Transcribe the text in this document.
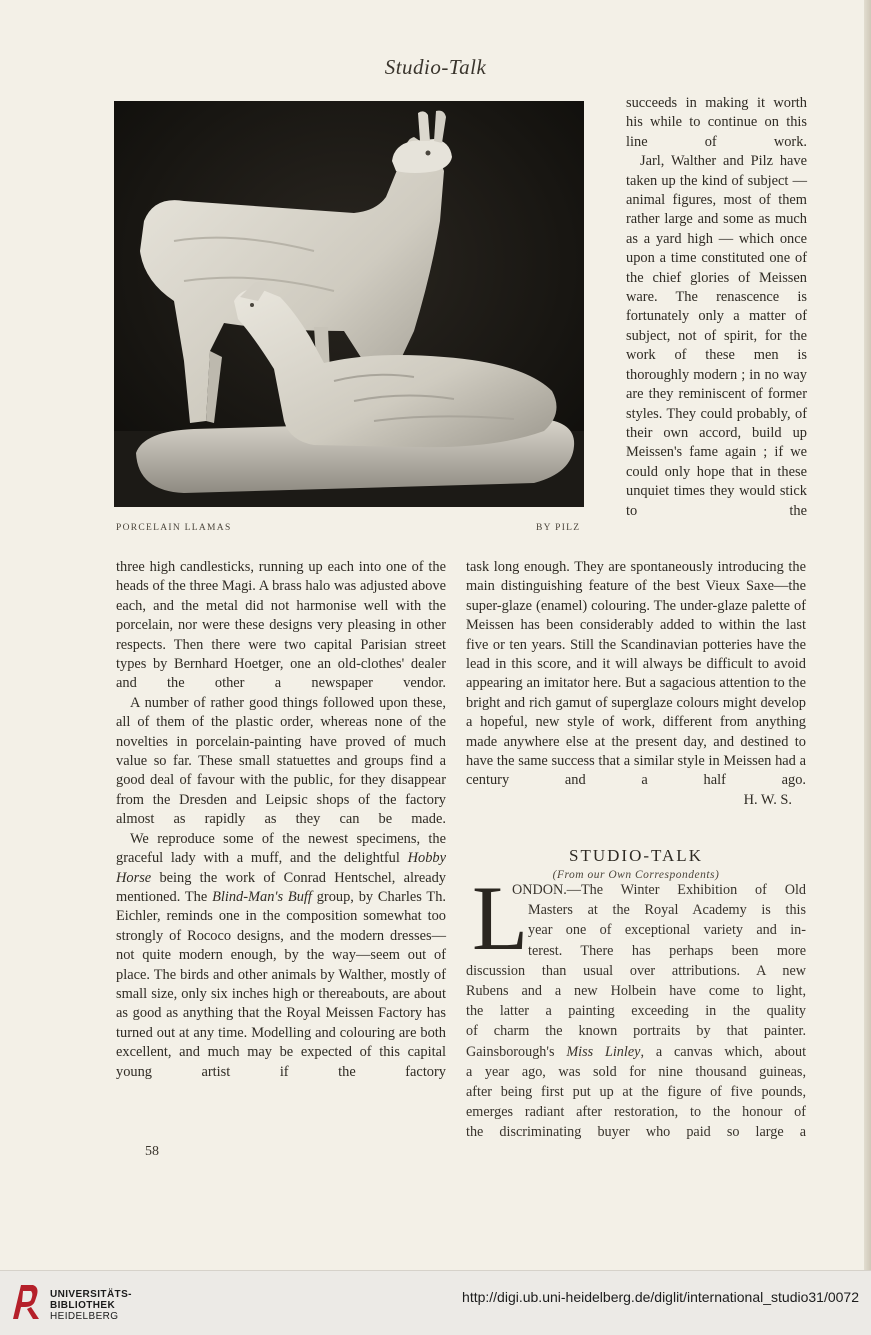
Studio-Talk
PORCELAIN LLAMAS	BY PILZ

succeeds in making it worth his while to continue on this line of work.

Jarl, Walther and Pilz have taken up the kind of subject — animal figures, most of them rather large and some as much as a yard high — which once upon a time constituted one of the chief glories of Meissen ware. The renascence is fortunately only a matter of subject, not of spirit, for the work of these men is thoroughly modern ; in no way are they reminiscent of former styles. They could probably, of their own accord, build up Meissen's fame again ; if we could only hope that in these unquiet times they would stick to the

three high candlesticks, running up each into one of the heads of the three Magi. A brass halo was adjusted above each, and the metal did not harmonise well with the porcelain, nor were these designs very pleasing in other respects. Then there were two capital Parisian street types by Bernhard Hoetger, one an old-clothes' dealer and the other a newspaper vendor.

A number of rather good things followed upon these, all of them of the plastic order, whereas none of the novelties in porcelain-painting have proved of much value so far. These small statuettes and groups find a good deal of favour with the public, for they disappear from the Dresden and Leipsic shops of the factory almost as rapidly as they can be made.

We reproduce some of the newest specimens, the graceful lady with a muff, and the delightful Hobby Horse being the work of Conrad Hentschel, already mentioned. The Blind-Man's Buff group, by Charles Th. Eichler, reminds one in the composition somewhat too strongly of Rococo designs, and the modern dresses—not quite modern enough, by the way—seem out of place. The birds and other animals by Walther, mostly of small size, only six inches high or thereabouts, are about as good as anything that the Royal Meissen Factory has turned out at any time. Modelling and colouring are both excellent, and much may be expected of this capital young artist if the factory

task long enough. They are spontaneously introducing the main distinguishing feature of the best Vieux Saxe—the super-glaze (enamel) colouring. The under-glaze palette of Meissen has been considerably added to within the last five or ten years. Still the Scandinavian potteries have the lead in this score, and it will always be difficult to avoid appearing an imitator here. But a sagacious attention to the bright and rich gamut of superglaze colours might develop a hopeful, new style of work, different from anything made anywhere else at the present day, and destined to have the same success that a similar style in Meissen had a century and a half ago.

H. W. S.

STUDIO-TALK
(From our Own Correspondents)
L
ONDON.—The Winter Exhibition of Old
Masters at the Royal Academy is this
year one of exceptional variety and in-
terest. There has perhaps been more
discussion than usual over attributions. A new
Rubens and a new Holbein have come to light,
the latter a painting exceeding in the quality
of charm the known portraits by that painter.
Gainsborough's Miss Linley, a canvas which, about
a year ago, was sold for nine thousand guineas,
after being first put up at the figure of five pounds,
emerges radiant after restoration, to the honour of
the discriminating buyer who paid so large a
58
UNIVERSITÄTS-
BIBLIOTHEK
HEIDELBERG
http://digi.ub.uni-heidelberg.de/diglit/international_studio31/0072
